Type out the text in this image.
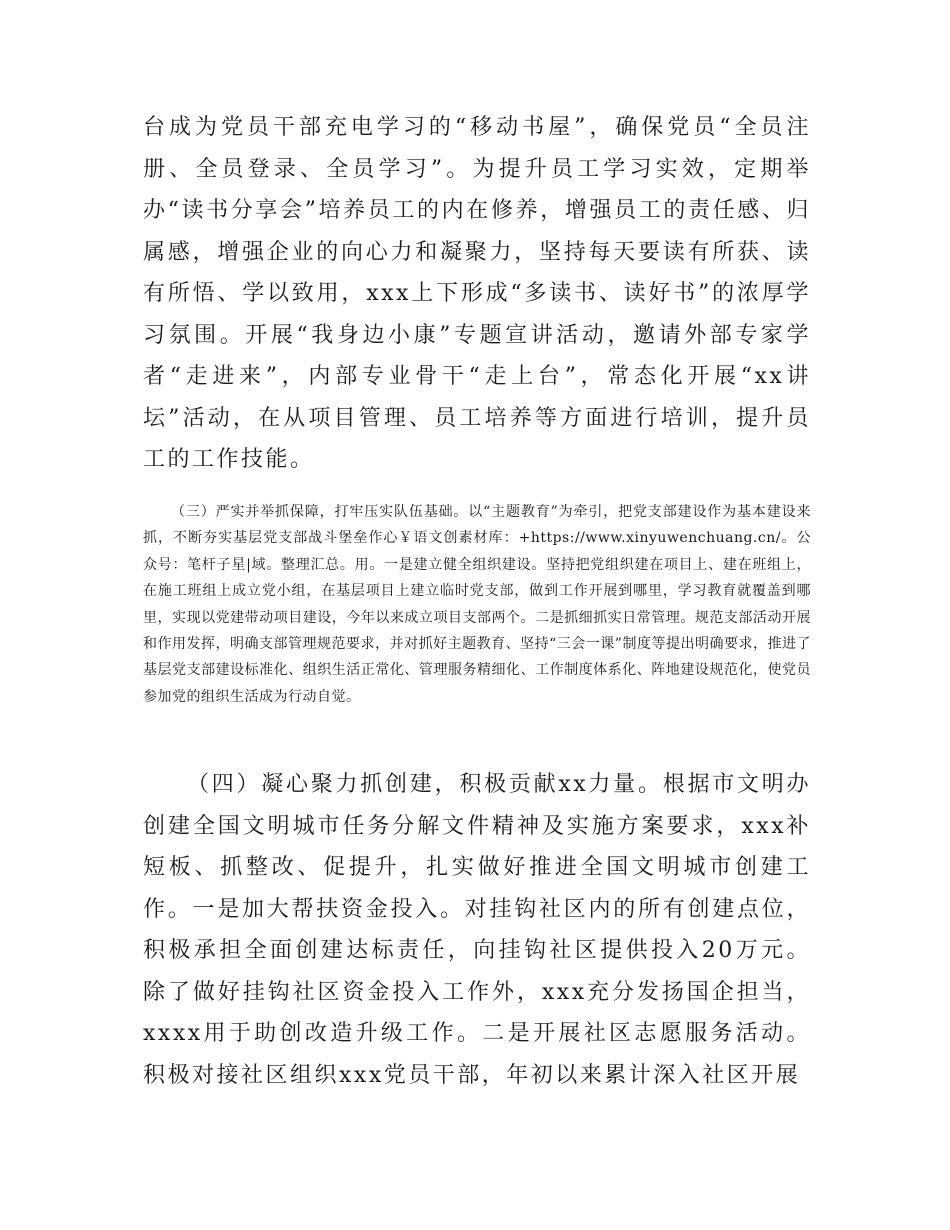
台成为党员干部充电学习的“移动书屋”，确保党员“全员注册、全员登录、全员学习”。为提升员工学习实效，定期举办“读书分享会”培养员工的内在修养，增强员工的责任感、归属感，增强企业的向心力和凝聚力，坚持每天要读有所获、读有所悟、学以致用，xxx上下形成“多读书、读好书”的浓厚学习氛围。开展“我身边小康”专题宣讲活动，邀请外部专家学者“走进来”，内部专业骨干“走上台”，常态化开展“xx讲坛”活动，在从项目管理、员工培养等方面进行培训，提升员工的工作技能。

（三）严实并举抓保障，打牢压实队伍基础。以“主题教育”为牵引，把党支部建设作为基本建设来抓，不断夯实基层党支部战斗堡垒作心￥语文创素材库：+https://www.xinyuwenchuang.cn/。公众号：笔杆子星|域。整理汇总。用。一是建立健全组织建设。坚持把党组织建在项目上、建在班组上，在施工班组上成立党小组，在基层项目上建立临时党支部，做到工作开展到哪里，学习教育就覆盖到哪里，实现以党建带动项目建设，今年以来成立项目支部两个。二是抓细抓实日常管理。规范支部活动开展和作用发挥，明确支部管理规范要求，并对抓好主题教育、坚持“三会一课”制度等提出明确要求，推进了基层党支部建设标准化、组织生活正常化、管理服务精细化、工作制度体系化、阵地建设规范化，使党员参加党的组织生活成为行动自觉。

（四）凝心聚力抓创建，积极贡献xx力量。根据市文明办创建全国文明城市任务分解文件精神及实施方案要求，xxx补短板、抓整改、促提升，扎实做好推进全国文明城市创建工作。一是加大帮扶资金投入。对挂钩社区内的所有创建点位，积极承担全面创建达标责任，向挂钩社区提供投入20万元。除了做好挂钩社区资金投入工作外，xxx充分发扬国企担当，xxxx用于助创改造升级工作。二是开展社区志愿服务活动。积极对接社区组织xxx党员干部，年初以来累计深入社区开展
